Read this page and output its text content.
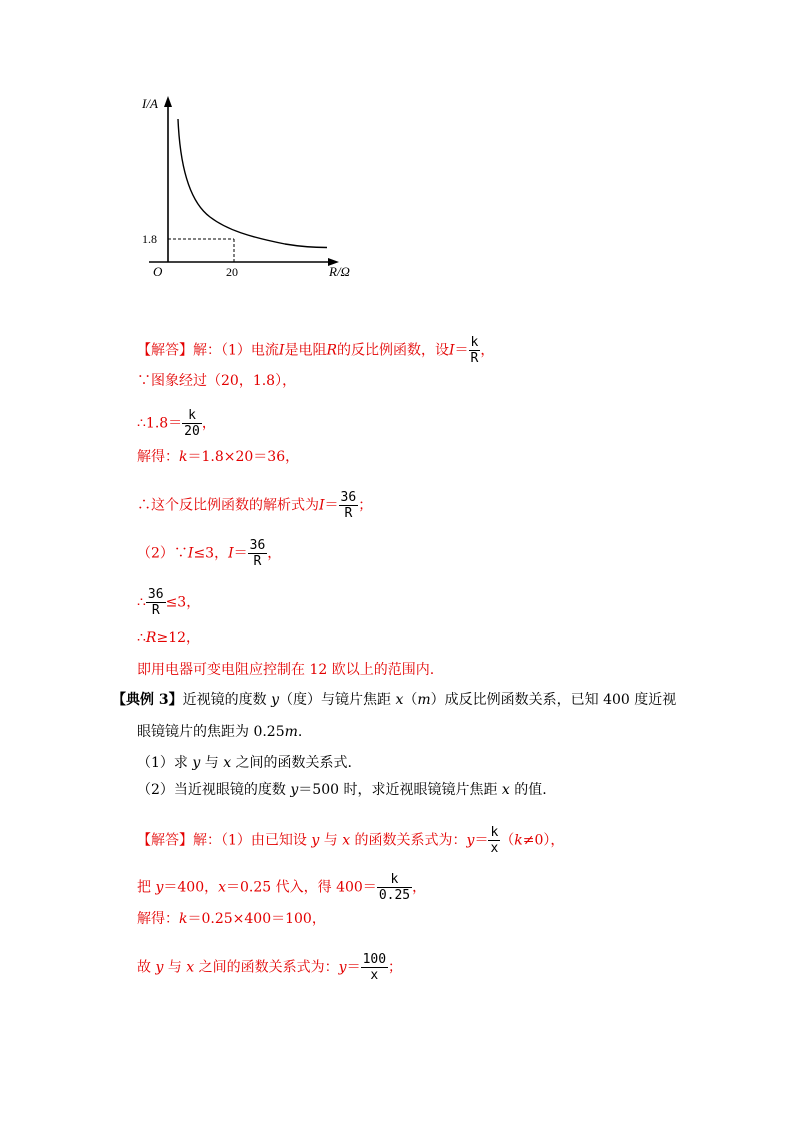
I/A
O
1.8
20	R/Ω
【解答】解：（1）电流I是电阻R的反比例函数，设$I= \frac{k}{R}$ ，
∵图象经过（20，1.8），
∴1.8＝ $\frac{k}{20}$ ，
解得：k＝1.8×20＝36，
∴这个反比例函数的解析式为$I= \frac{36}{R}$ ；
（2）∵I≤3，$I= \frac{36}{R}$ ，
∴ $\frac{36}{R} \le 3$，
∴R≥12，
即用电器可变电阻应控制在 12 欧以上的范围内.
【典例 3】近视镜的度数 y（度）与镜片焦距 x（m）成反比例函数关系，已知 400 度近视
眼镜镜片的焦距为 0.25m.
（1）求 y 与 x 之间的函数关系式.
（2）当近视眼镜的度数 y＝500 时，求近视眼镜镜片焦距 x 的值.
【解答】解：（1）由已知设 y 与 x 的函数关系式为：$y= \frac{k}{x} (k\ne 0)$，
把 y＝400，x＝0.25 代入，得 $400= \frac{k}{0.25}$ ，
解得：k＝0.25×400＝100，
故 y 与 x 之间的函数关系式为：$y= \frac{100}{x}$ ；
